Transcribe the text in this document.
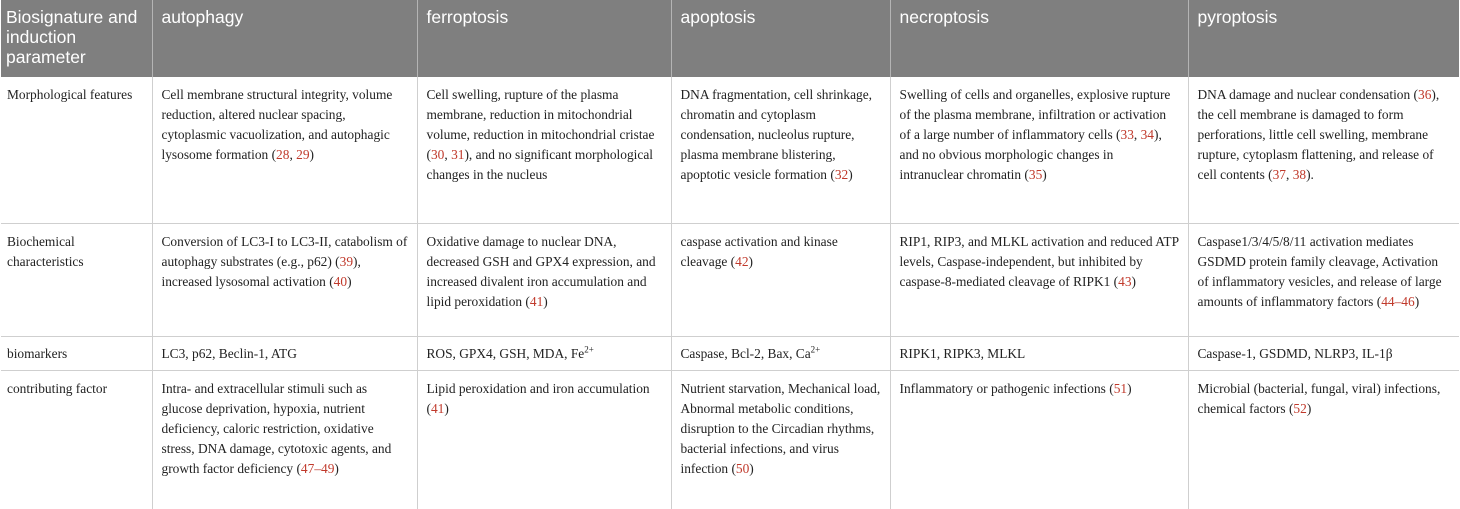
Biosignature and induction parameter	autophagy	ferroptosis	apoptosis	necroptosis	pyroptosis
Morphological features	Cell membrane structural integrity, volume reduction, altered nuclear spacing, cytoplasmic vacuolization, and autophagic lysosome formation (28, 29)	Cell swelling, rupture of the plasma membrane, reduction in mitochondrial volume, reduction in mitochondrial cristae (30, 31), and no significant morphological changes in the nucleus	DNA fragmentation, cell shrinkage, chromatin and cytoplasm condensation, nucleolus rupture, plasma membrane blistering, apoptotic vesicle formation (32)	Swelling of cells and organelles, explosive rupture of the plasma membrane, infiltration or activation of a large number of inflammatory cells (33, 34), and no obvious morphologic changes in intranuclear chromatin (35)	DNA damage and nuclear condensation (36), the cell membrane is damaged to form perforations, little cell swelling, membrane rupture, cytoplasm flattening, and release of cell contents (37, 38).
Biochemical characteristics	Conversion of LC3-I to LC3-II, catabolism of autophagy substrates (e.g., p62) (39), increased lysosomal activation (40)	Oxidative damage to nuclear DNA, decreased GSH and GPX4 expression, and increased divalent iron accumulation and lipid peroxidation (41)	caspase activation and kinase cleavage (42)	RIP1, RIP3, and MLKL activation and reduced ATP levels, Caspase-independent, but inhibited by caspase-8-mediated cleavage of RIPK1 (43)	Caspase1/3/4/5/8/11 activation mediates GSDMD protein family cleavage, Activation of inflammatory vesicles, and release of large amounts of inflammatory factors (44–46)
biomarkers	LC3, p62, Beclin-1, ATG	ROS, GPX4, GSH, MDA, $Fe^{2+}$	Caspase, Bcl-2, Bax, $Ca^{2+}$	RIPK1, RIPK3, MLKL	Caspase-1, GSDMD, NLRP3, IL-1β
contributing factor	Intra- and extracellular stimuli such as glucose deprivation, hypoxia, nutrient deficiency, caloric restriction, oxidative stress, DNA damage, cytotoxic agents, and growth factor deficiency (47–49)	Lipid peroxidation and iron accumulation (41)	Nutrient starvation, Mechanical load, Abnormal metabolic conditions, disruption to the Circadian rhythms, bacterial infections, and virus infection (50)	Inflammatory or pathogenic infections (51)	Microbial (bacterial, fungal, viral) infections, chemical factors (52)
